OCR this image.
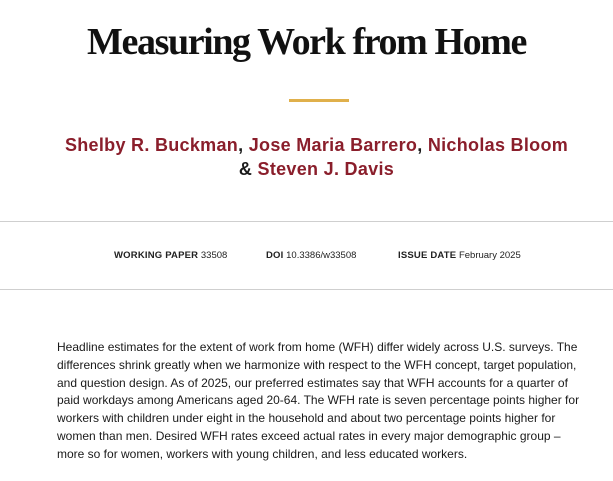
Measuring Work from Home
Shelby R. Buckman, Jose Maria Barrero, Nicholas Bloom & Steven J. Davis
WORKING PAPER 33508	DOI 10.3386/w33508	ISSUE DATE February 2025

Headline estimates for the extent of work from home (WFH) differ widely across U.S. surveys. The differences shrink greatly when we harmonize with respect to the WFH concept, target population, and question design. As of 2025, our preferred estimates say that WFH accounts for a quarter of paid workdays among Americans aged 20-64. The WFH rate is seven percentage points higher for workers with children under eight in the household and about two percentage points higher for women than men. Desired WFH rates exceed actual rates in every major demographic group – more so for women, workers with young children, and less educated workers.
